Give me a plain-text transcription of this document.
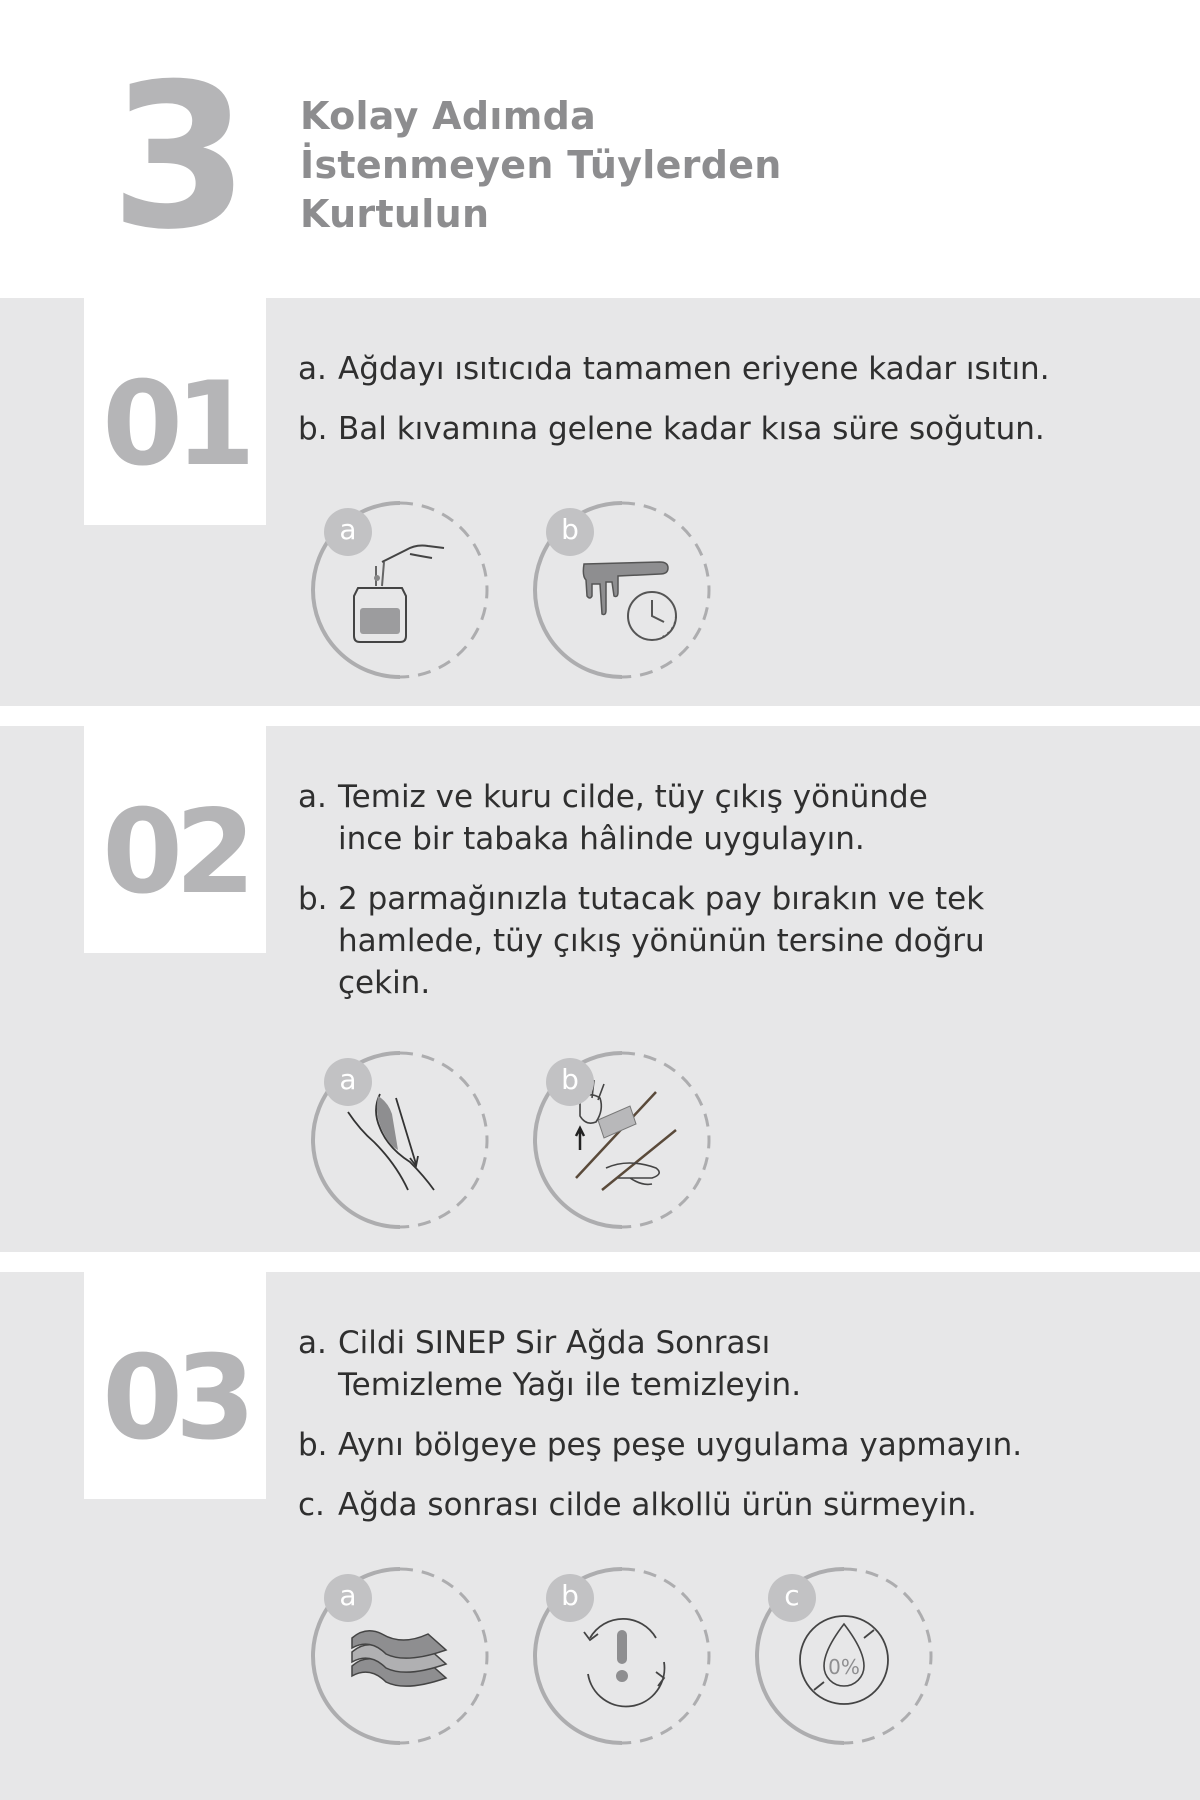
3 Kolay Adımda
İstenmeyen Tüylerden
Kurtulun
01 a. Ağdayı ısıtıcıda tamamen eriyene kadar ısıtın.
b. Bal kıvamına gelene kadar kısa süre soğutun.
a	b
02 a. Temiz ve kuru cilde, tüy çıkış yönünde ince bir tabaka hâlinde uygulayın.
b. 2 parmağınızla tutacak pay bırakın ve tek hamlede, tüy çıkış yönünün tersine doğru çekin.
a	b
03 a. Cildi SINEP Sir Ağda Sonrası Temizleme Yağı ile temizleyin.
b. Aynı bölgeye peş peşe uygulama yapmayın.
c. Ağda sonrası cilde alkollü ürün sürmeyin.
a	b
0%
c
